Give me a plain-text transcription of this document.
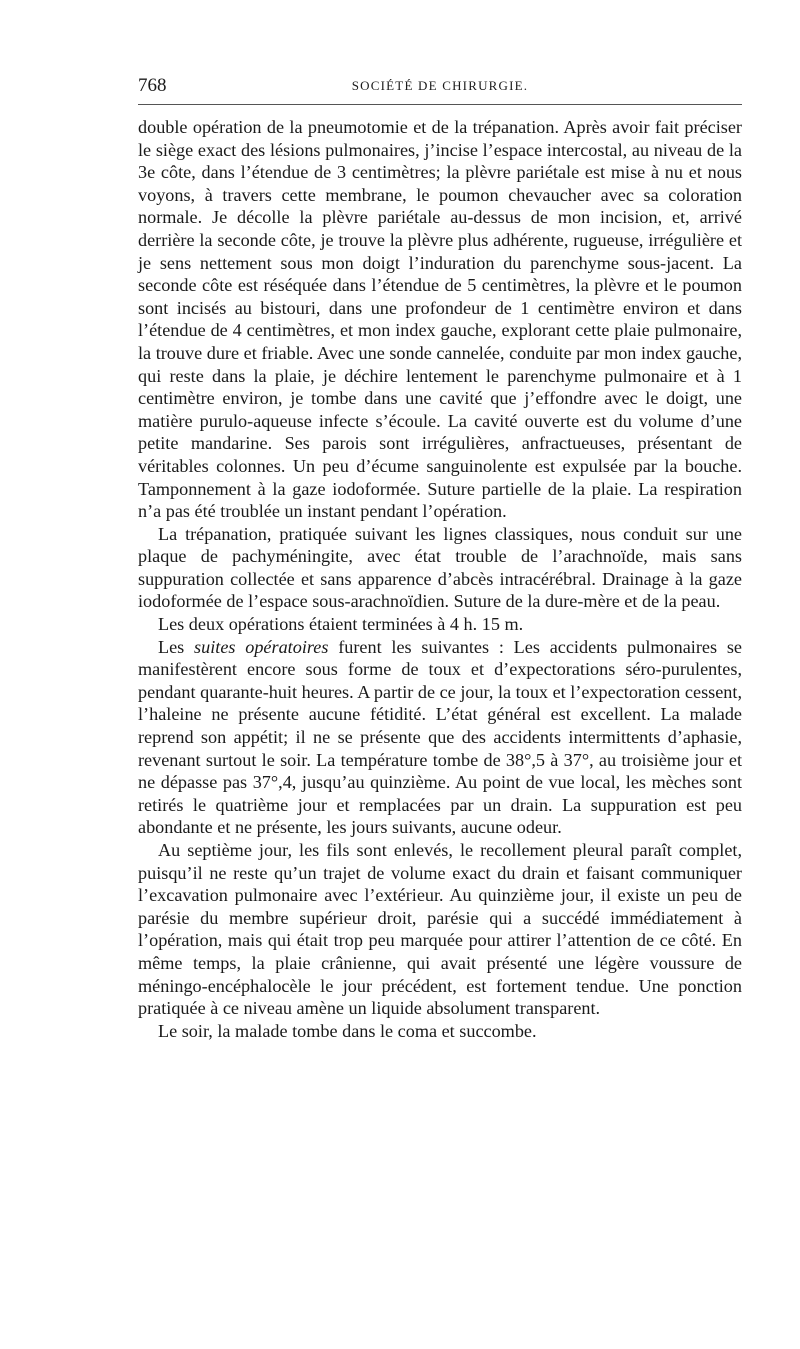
768	SOCIÉTÉ DE CHIRURGIE.

double opération de la pneumotomie et de la trépanation. Après avoir fait préciser le siège exact des lésions pulmonaires, j’incise l’espace intercostal, au niveau de la 3e côte, dans l’étendue de 3 centimètres; la plèvre pariétale est mise à nu et nous voyons, à travers cette membrane, le poumon chevaucher avec sa coloration normale. Je décolle la plèvre pariétale au-dessus de mon incision, et, arrivé derrière la seconde côte, je trouve la plèvre plus adhérente, rugueuse, irrégulière et je sens nettement sous mon doigt l’induration du parenchyme sous-jacent. La seconde côte est réséquée dans l’étendue de 5 centimètres, la plèvre et le poumon sont incisés au bistouri, dans une profondeur de 1 centimètre environ et dans l’étendue de 4 centimètres, et mon index gauche, explorant cette plaie pulmonaire, la trouve dure et friable. Avec une sonde cannelée, conduite par mon index gauche, qui reste dans la plaie, je déchire lentement le parenchyme pulmonaire et à 1 centimètre environ, je tombe dans une cavité que j’effondre avec le doigt, une matière purulo-aqueuse infecte s’écoule. La cavité ouverte est du volume d’une petite mandarine. Ses parois sont irrégulières, anfractueuses, présentant de véritables colonnes. Un peu d’écume sanguinolente est expulsée par la bouche. Tamponnement à la gaze iodoformée. Suture partielle de la plaie. La respiration n’a pas été troublée un instant pendant l’opération.

La trépanation, pratiquée suivant les lignes classiques, nous conduit sur une plaque de pachyméningite, avec état trouble de l’arachnoïde, mais sans suppuration collectée et sans apparence d’abcès intracérébral. Drainage à la gaze iodoformée de l’espace sous-arachnoïdien. Suture de la dure-mère et de la peau.

Les deux opérations étaient terminées à 4 h. 15 m.

Les suites opératoires furent les suivantes : Les accidents pulmonaires se manifestèrent encore sous forme de toux et d’expectorations séro-purulentes, pendant quarante-huit heures. A partir de ce jour, la toux et l’expectoration cessent, l’haleine ne présente aucune fétidité. L’état général est excellent. La malade reprend son appétit; il ne se présente que des accidents intermittents d’aphasie, revenant surtout le soir. La température tombe de 38°,5 à 37°, au troisième jour et ne dépasse pas 37°,4, jusqu’au quinzième. Au point de vue local, les mèches sont retirés le quatrième jour et remplacées par un drain. La suppuration est peu abondante et ne présente, les jours suivants, aucune odeur.

Au septième jour, les fils sont enlevés, le recollement pleural paraît complet, puisqu’il ne reste qu’un trajet de volume exact du drain et faisant communiquer l’excavation pulmonaire avec l’extérieur. Au quinzième jour, il existe un peu de parésie du membre supérieur droit, parésie qui a succédé immédiatement à l’opération, mais qui était trop peu marquée pour attirer l’attention de ce côté. En même temps, la plaie crânienne, qui avait présenté une légère voussure de méningo-encéphalocèle le jour précédent, est fortement tendue. Une ponction pratiquée à ce niveau amène un liquide absolument transparent.

Le soir, la malade tombe dans le coma et succombe.
